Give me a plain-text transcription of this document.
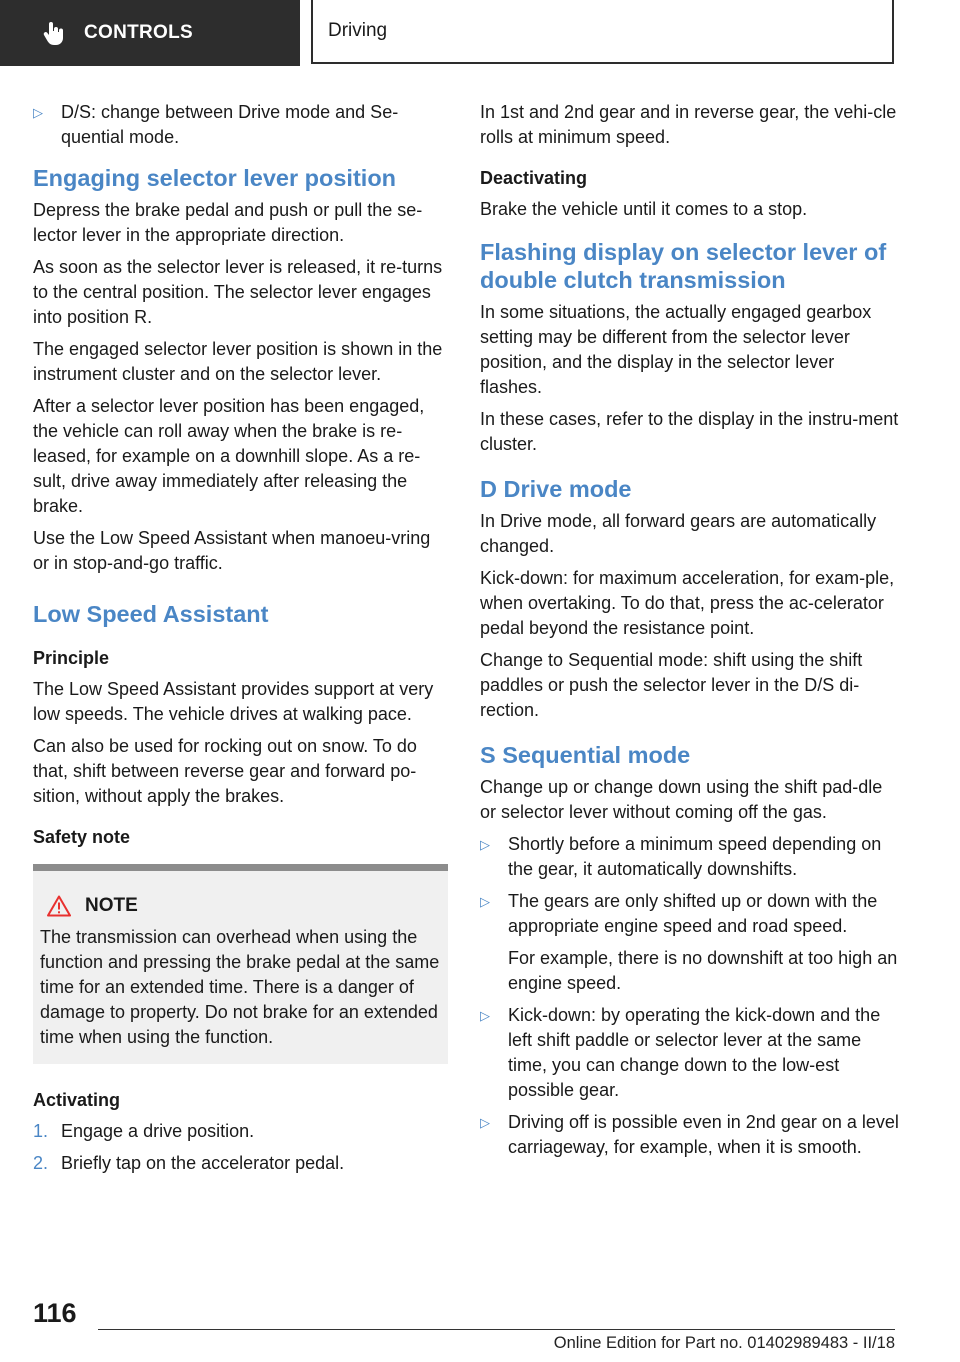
CONTROLS	Driving
▷ D/S: change between Drive mode and Se-quential mode.
Engaging selector lever position

Depress the brake pedal and push or pull the se-lector lever in the appropriate direction.

As soon as the selector lever is released, it re-turns to the central position. The selector lever engages into position R.

The engaged selector lever position is shown in the instrument cluster and on the selector lever.

After a selector lever position has been engaged, the vehicle can roll away when the brake is re-leased, for example on a downhill slope. As a re-sult, drive away immediately after releasing the brake.

Use the Low Speed Assistant when manoeu-vring or in stop-and-go traffic.

Low Speed Assistant
Principle

The Low Speed Assistant provides support at very low speeds. The vehicle drives at walking pace.

Can also be used for rocking out on snow. To do that, shift between reverse gear and forward po-sition, without apply the brakes.

Safety note
NOTE

The transmission can overhead when using the function and pressing the brake pedal at the same time for an extended time. There is a danger of damage to property. Do not brake for an extended time when using the function.

Activating
1. Engage a drive position.
2. Briefly tap on the accelerator pedal.

In 1st and 2nd gear and in reverse gear, the vehi-cle rolls at minimum speed.

Deactivating

Brake the vehicle until it comes to a stop.

Flashing display on selector lever of double clutch transmission

In some situations, the actually engaged gearbox setting may be different from the selector lever position, and the display in the selector lever flashes.

In these cases, refer to the display in the instru-ment cluster.

D Drive mode

In Drive mode, all forward gears are automatically changed.

Kick-down: for maximum acceleration, for exam-ple, when overtaking. To do that, press the ac-celerator pedal beyond the resistance point.

Change to Sequential mode: shift using the shift paddles or push the selector lever in the D/S di-rection.

S Sequential mode

Change up or change down using the shift pad-dle or selector lever without coming off the gas.

▷ Shortly before a minimum speed depending on the gear, it automatically downshifts.
▷ The gears are only shifted up or down with the appropriate engine speed and road speed.
For example, there is no downshift at too high an engine speed.
▷ Kick-down: by operating the kick-down and the left shift paddle or selector lever at the same time, you can change down to the low-est possible gear.
▷ Driving off is possible even in 2nd gear on a level carriageway, for example, when it is smooth.
116
Online Edition for Part no. 01402989483 - II/18
